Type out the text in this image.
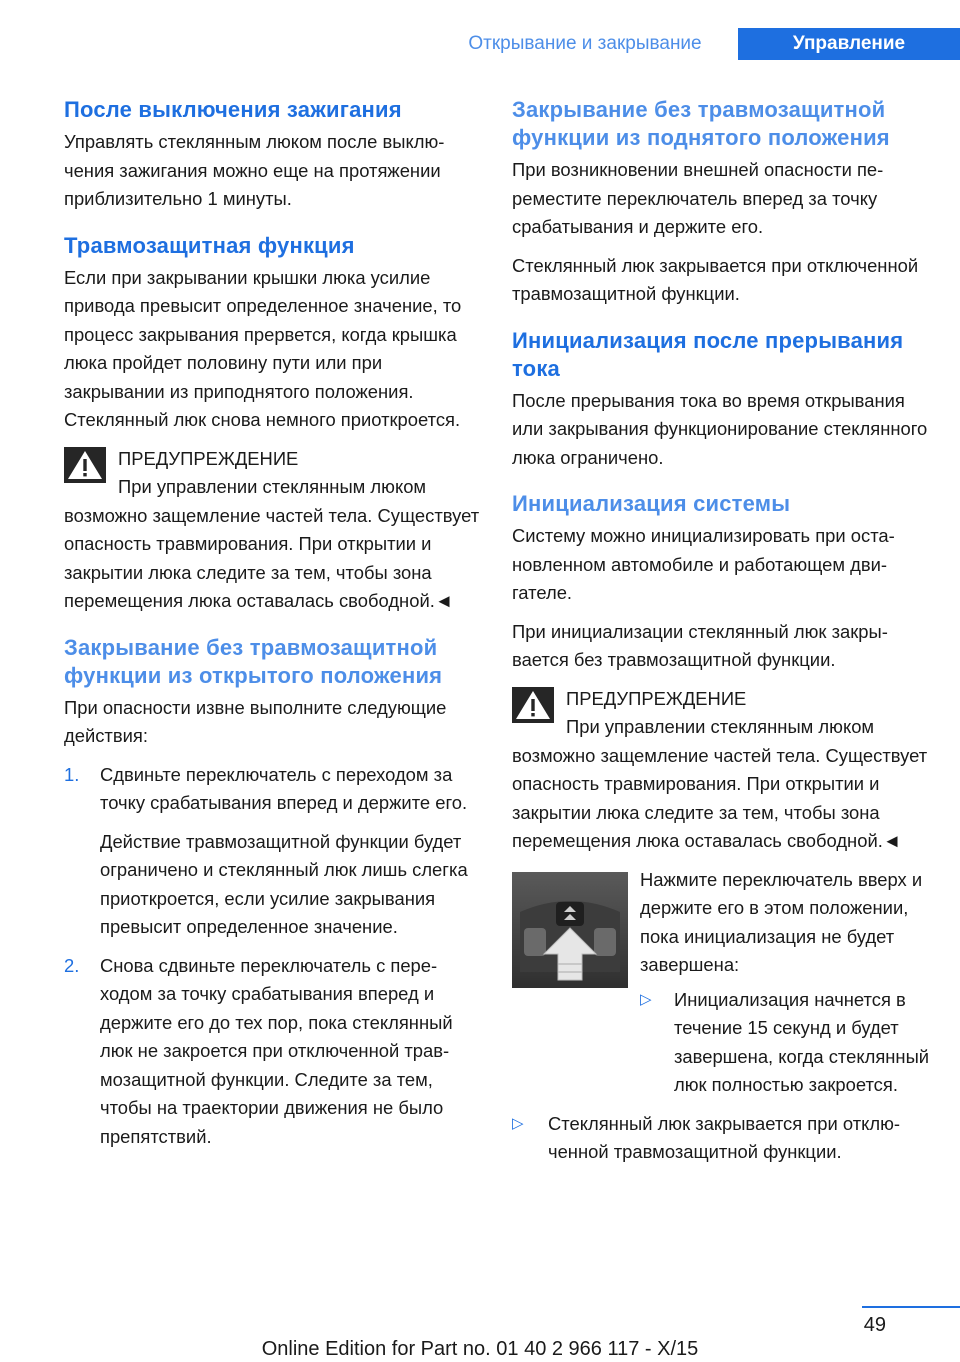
Открывание и закрывание	Управление
После выключения зажигания

Управлять стеклянным люком после выключения зажигания можно еще на протяжении приблизительно 1 минуты.

Травмозащитная функция

Если при закрывании крышки люка усилие привода превысит определенное значение, то процесс закрывания прервется, когда крышка люка пройдет половину пути или при закрывании из приподнятого положения. Стеклянный люк снова немного приоткроется.

ПРЕДУПРЕЖДЕНИЕ

При управлении стеклянным люком возможно защемление частей тела. Существует опасность травмирования. При открытии и закрытии люка следите за тем, чтобы зона перемещения люка оставалась свободной.◄

Закрывание без травмозащитной функции из открытого положения

При опасности извне выполните следующие действия:

1. Сдвиньте переключатель с переходом за точку срабатывания вперед и держите его.

Действие травмозащитной функции будет ограничено и стеклянный люк лишь слегка приоткроется, если усилие закрывания превысит определенное значение.

2. Снова сдвиньте переключатель с переходом за точку срабатывания вперед и держите его до тех пор, пока стеклянный люк не закроется при отключенной травмозащитной функции. Следите за тем, чтобы на траектории движения не было препятствий.

Закрывание без травмозащитной функции из поднятого положения

При возникновении внешней опасности переместите переключатель вперед за точку срабатывания и держите его.

Стеклянный люк закрывается при отключенной травмозащитной функции.

Инициализация после прерывания тока

После прерывания тока во время открывания или закрывания функционирование стеклянного люка ограничено.

Инициализация системы

Систему можно инициализировать при остановленном автомобиле и работающем двигателе.

При инициализации стеклянный люк закрывается без травмозащитной функции.

ПРЕДУПРЕЖДЕНИЕ

При управлении стеклянным люком возможно защемление частей тела. Существует опасность травмирования. При открытии и закрытии люка следите за тем, чтобы зона перемещения люка оставалась свободной.◄

Нажмите переключатель вверх и держите его в этом положении, пока инициализация не будет завершена:

▷ Инициализация начнется в течение 15 секунд и будет завершена, когда стеклянный люк полностью закроется.

▷ Стеклянный люк закрывается при отключенной травмозащитной функции.

49
Online Edition for Part no. 01 40 2 966 117 - X/15
